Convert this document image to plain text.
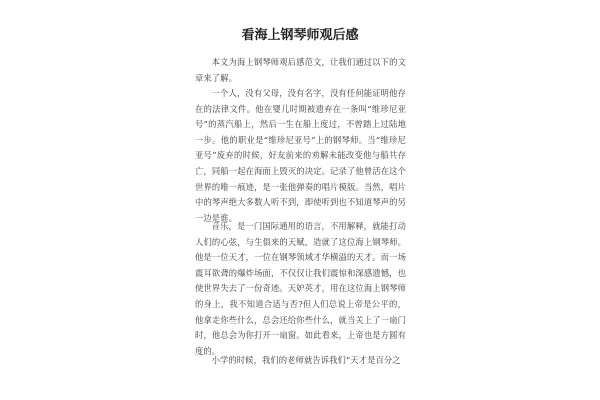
看海上钢琴师观后感

本文为海上钢琴师观后感范文，让我们通过以下的文章来了解。

一个人，没有父母，没有名字，没有任何能证明他存在的法律文件。他在婴儿时期被遗弃在一条叫“维珍尼亚号”的蒸汽船上，然后一生在船上度过，不曾踏上过陆地一步。他的职业是“维珍尼亚号”上的钢琴师。当“维珍尼亚号”废弃的时候，好友前来的劝解未能改变他与船共存亡，同船一起在海面上毁灭的决定。记录了他曾活在这个世界的唯一痕迹，是一张他弹奏的唱片模版。当然，唱片中的琴声绝大多数人听不到，即使听到也不知道琴声的另一边是谁。

音乐，是一门国际通用的语言，不用解释，就能打动人们的心弦，与生俱来的天赋，造就了这位海上钢琴师。他是一位天才，一位在钢琴领域才华横溢的天才。而一场震耳欲聋的爆炸场面，不仅仅让我们震惊和深感遗憾，也使世界失去了一份奇迹。天妒英才，用在这位海上钢琴师的身上，我不知道合适与否?但人们总说上帝是公平的，他拿走你些什么，总会还给你些什么，就当关上了一扇门时，他总会为你打开一扇窗。如此看来，上帝也是方圆有度的。

小学的时候，我们的老师就告诉我们“天才是百分之
